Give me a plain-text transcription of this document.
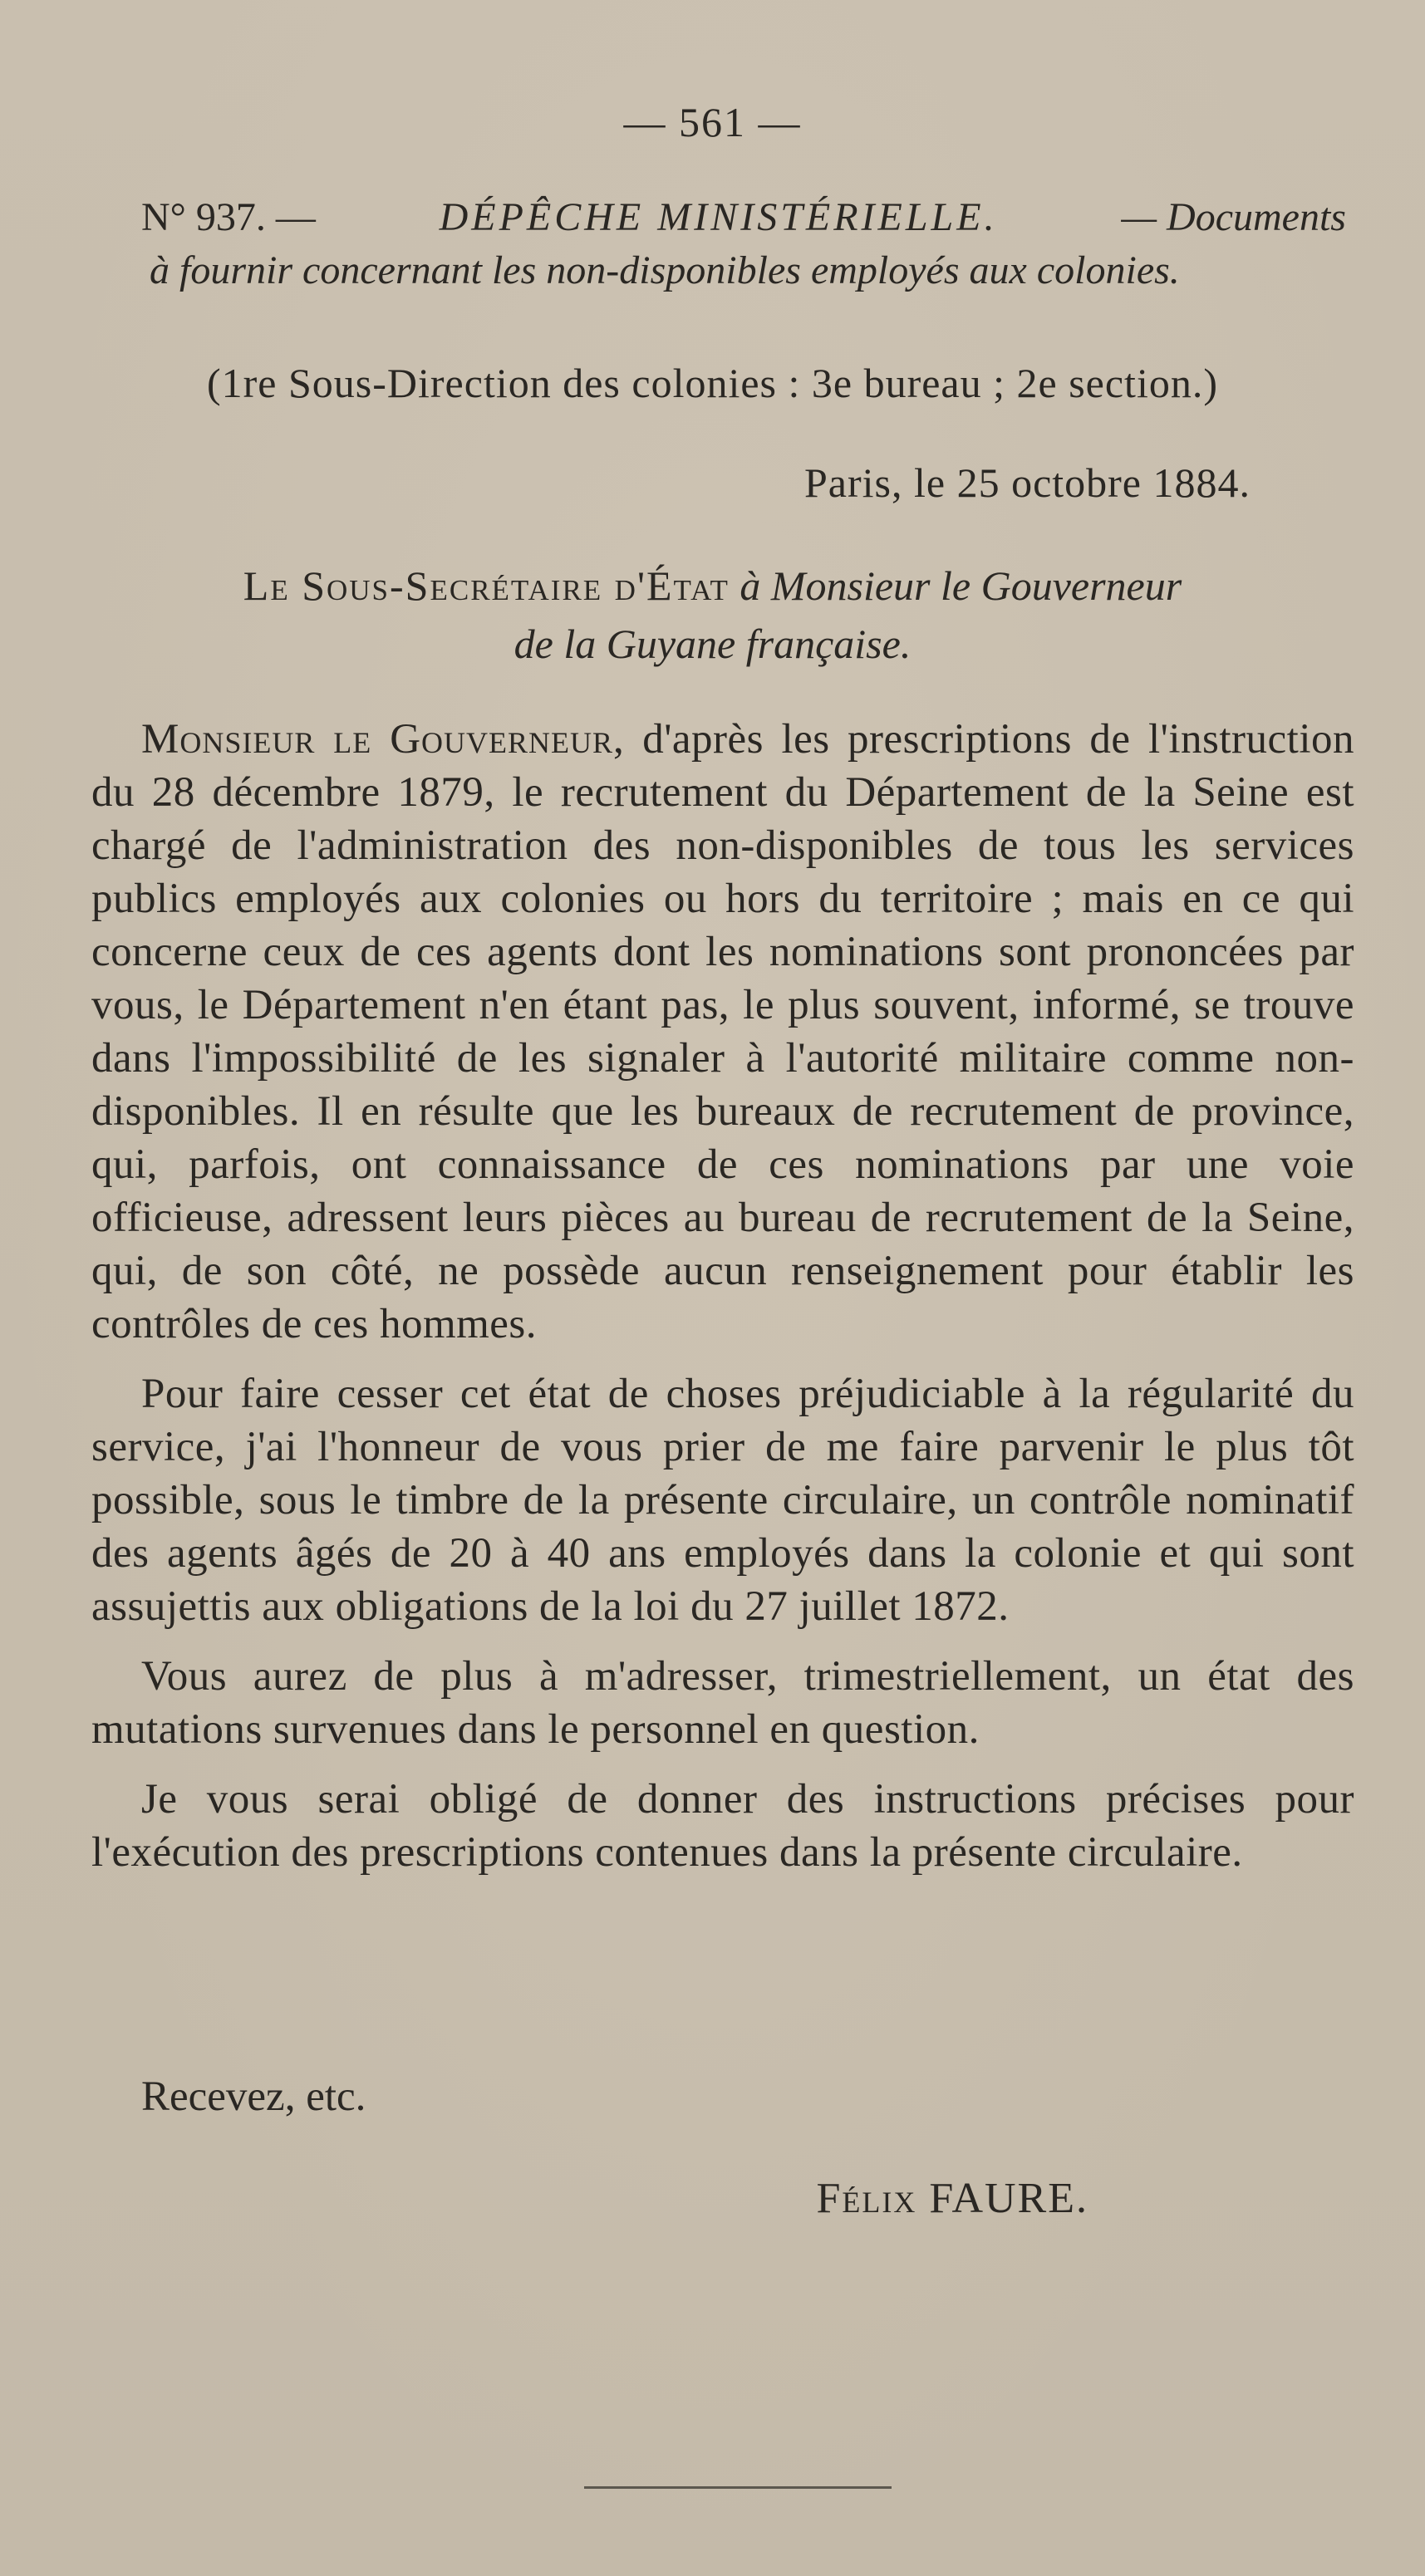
— 561 —
N° 937. —	DÉPÊCHE MINISTÉRIELLE.	— Documents
à fournir concernant les non-disponibles employés aux colonies.
(1re Sous-Direction des colonies : 3e bureau ; 2e section.)
Paris, le 25 octobre 1884.
Le Sous-Secrétaire d'État à Monsieur le Gouverneur
de la Guyane française.

Monsieur le Gouverneur, d'après les prescriptions de l'instruction du 28 décembre 1879, le recrutement du Département de la Seine est chargé de l'administration des non-disponibles de tous les services publics employés aux colonies ou hors du territoire ; mais en ce qui concerne ceux de ces agents dont les nominations sont prononcées par vous, le Département n'en étant pas, le plus souvent, informé, se trouve dans l'impossibilité de les signaler à l'autorité militaire comme non-disponibles. Il en résulte que les bureaux de recrutement de province, qui, parfois, ont connaissance de ces nominations par une voie officieuse, adressent leurs pièces au bureau de recrutement de la Seine, qui, de son côté, ne possède aucun renseignement pour établir les contrôles de ces hommes.

Pour faire cesser cet état de choses préjudiciable à la régularité du service, j'ai l'honneur de vous prier de me faire parvenir le plus tôt possible, sous le timbre de la présente circulaire, un contrôle nominatif des agents âgés de 20 à 40 ans employés dans la colonie et qui sont assujettis aux obligations de la loi du 27 juillet 1872.

Vous aurez de plus à m'adresser, trimestriellement, un état des mutations survenues dans le personnel en question.

Je vous serai obligé de donner des instructions précises pour l'exécution des prescriptions contenues dans la présente circulaire.

Recevez, etc.
Félix FAURE.
